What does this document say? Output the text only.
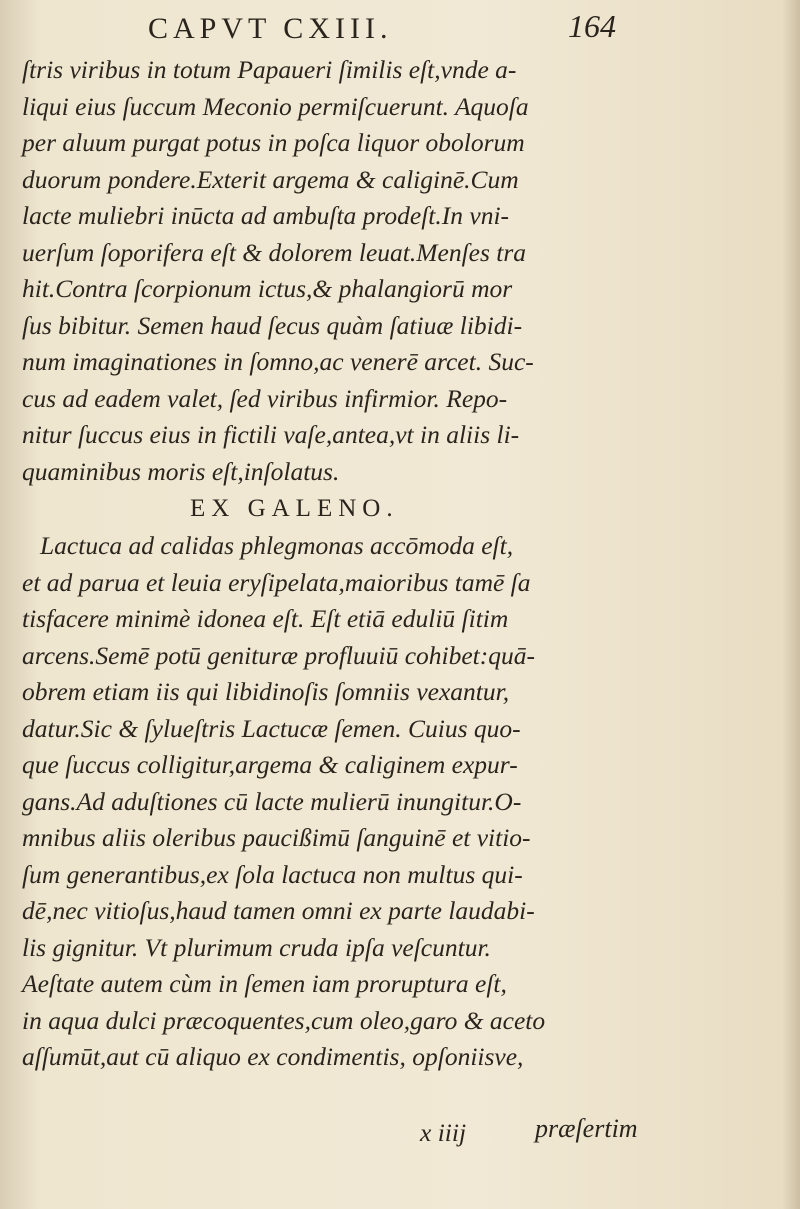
CAPVT CXIII.	164
ſtris viribus in totum Papaueri ſimilis eſt,vnde a-
liqui eius ſuccum Meconio permiſcuerunt. Aquoſa
per aluum purgat potus in poſca liquor obolorum
duorum pondere.Exterit argema & caliginē.Cum
lacte muliebri inūcta ad ambuſta prodeſt.In vni-
uerſum ſoporifera eſt & dolorem leuat.Menſes tra
hit.Contra ſcorpionum ictus,& phalangiorū mor
ſus bibitur. Semen haud ſecus quàm ſatiuæ libidi-
num imaginationes in ſomno,ac venerē arcet. Suc-
cus ad eadem valet, ſed viribus infirmior. Repo-
nitur ſuccus eius in fictili vaſe,antea,vt in aliis li-
quaminibus moris eſt,inſolatus.
EX GALENO.
Lactuca ad calidas phlegmonas accōmoda eſt,
et ad parua et leuia eryſipelata,maioribus tamē ſa
tisfacere minimè idonea eſt. Eſt etiā eduliū ſitim
arcens.Semē potū genituræ profluuiū cohibet:quā-
obrem etiam iis qui libidinoſis ſomniis vexantur,
datur.Sic & ſylueſtris Lactucæ ſemen. Cuius quo-
que ſuccus colligitur,argema & caliginem expur-
gans.Ad aduſtiones cū lacte mulierū inungitur.O-
mnibus aliis oleribus paucißimū ſanguinē et vitio-
ſum generantibus,ex ſola lactuca non multus qui-
dē,nec vitioſus,haud tamen omni ex parte laudabi-
lis gignitur. Vt plurimum cruda ipſa veſcuntur.
Aeſtate autem cùm in ſemen iam proruptura eſt,
in aqua dulci præcoquentes,cum oleo,garo & aceto
aſſumūt,aut cū aliquo ex condimentis, opſoniisve,
x iiij	præſertim
